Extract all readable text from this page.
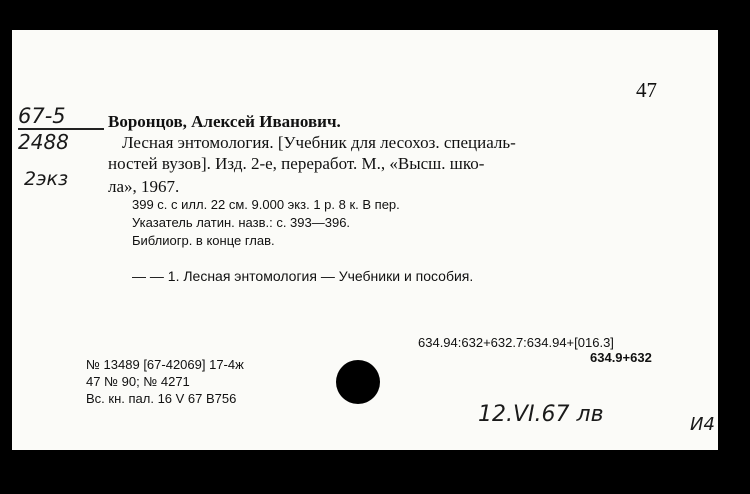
47
67-5
2488
2экз
Воронцов, Алексей Иванович.
Лесная энтомология. [Учебник для лесохоз. специаль-
ностей вузов]. Изд. 2-е, переработ. М., «Высш. шко-
ла», 1967.
399 с. с илл. 22 см. 9.000 экз. 1 р. 8 к. В пер.
Указатель латин. назв.: с. 393—396.
Библиогр. в конце глав.
— — 1. Лесная энтомология — Учебники и пособия.
634.94:632+632.7:634.94+[016.3]
634.9+632
№ 13489 [67-42069] 17-4ж
47 № 90; № 4271
Вс. кн. пал. 16 V 67 В756
12.VI.67 лв	И4
